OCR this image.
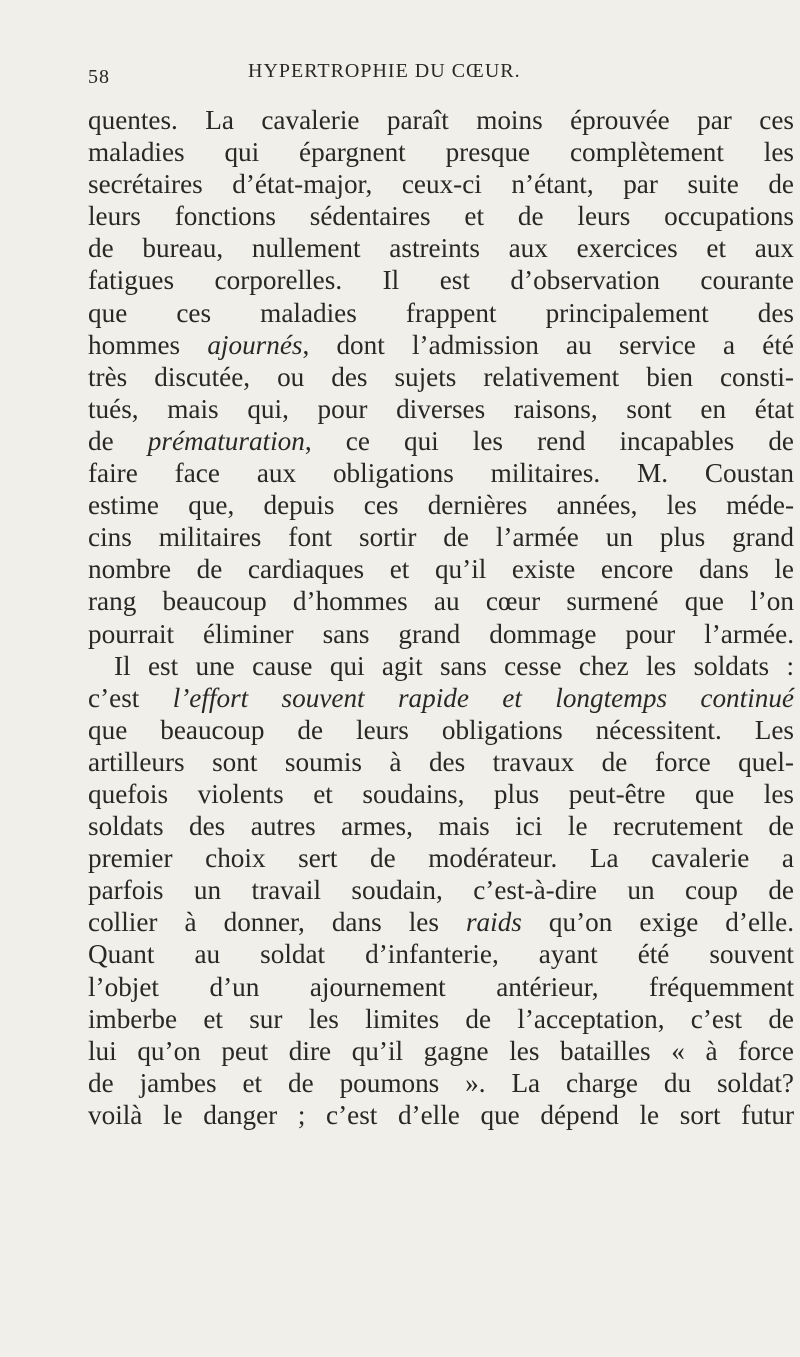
58	HYPERTROPHIE DU CŒUR.
quentes. La cavalerie paraît moins éprouvée par ces
maladies qui épargnent presque complètement les
secrétaires d’état-major, ceux-ci n’étant, par suite de
leurs fonctions sédentaires et de leurs occupations
de bureau, nullement astreints aux exercices et aux
fatigues corporelles. Il est d’observation courante
que ces maladies frappent principalement des
hommes ajournés, dont l’admission au service a été
très discutée, ou des sujets relativement bien consti-
tués, mais qui, pour diverses raisons, sont en état
de prématuration, ce qui les rend incapables de
faire face aux obligations militaires. M. Coustan
estime que, depuis ces dernières années, les méde-
cins militaires font sortir de l’armée un plus grand
nombre de cardiaques et qu’il existe encore dans le
rang beaucoup d’hommes au cœur surmené que l’on
pourrait éliminer sans grand dommage pour l’armée.
Il est une cause qui agit sans cesse chez les soldats :
c’est l’effort souvent rapide et longtemps continué
que beaucoup de leurs obligations nécessitent. Les
artilleurs sont soumis à des travaux de force quel-
quefois violents et soudains, plus peut-être que les
soldats des autres armes, mais ici le recrutement de
premier choix sert de modérateur. La cavalerie a
parfois un travail soudain, c’est-à-dire un coup de
collier à donner, dans les raids qu’on exige d’elle.
Quant au soldat d’infanterie, ayant été souvent
l’objet d’un ajournement antérieur, fréquemment
imberbe et sur les limites de l’acceptation, c’est de
lui qu’on peut dire qu’il gagne les batailles « à force
de jambes et de poumons ». La charge du soldat?
voilà le danger ; c’est d’elle que dépend le sort futur
